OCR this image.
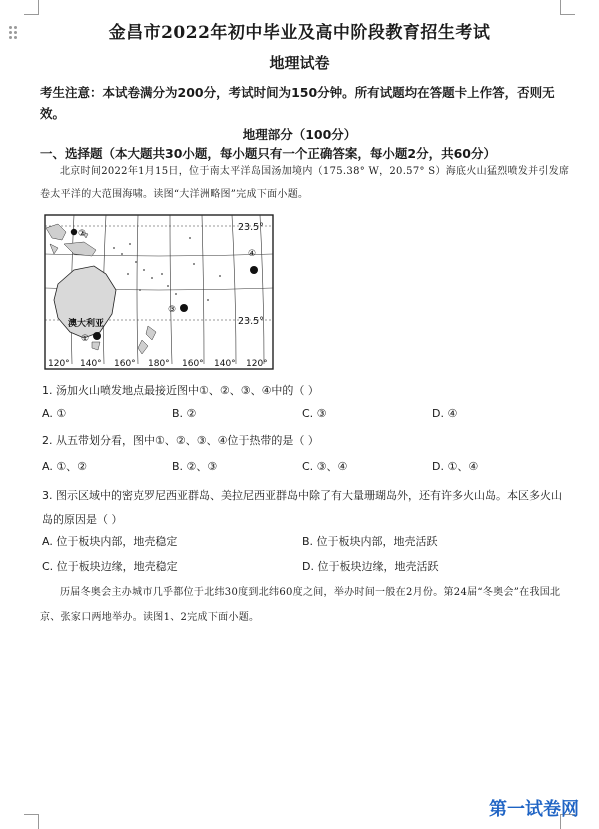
金昌市2022年初中毕业及高中阶段教育招生考试
地理试卷
考生注意：本试卷满分为200分，考试时间为150分钟。所有试题均在答题卡上作答，否则无效。
地理部分（100分）
一、选择题（本大题共30小题，每小题只有一个正确答案，每小题2分，共60分）
北京时间2022年1月15日，位于南太平洋岛国汤加境内（175.38° W，20.57° S）海底火山猛烈喷发并引发席卷太平洋的大范围海啸。读图“大洋洲略图”完成下面小题。
23.5°
23.5°
澳大利亚
①
②
③
④
120° 140° 160° 180° 160° 140° 120°
1. 汤加火山喷发地点最接近图中①、②、③、④中的（ ）
A. ①	B. ②	C. ③	D. ④
2. 从五带划分看，图中①、②、③、④位于热带的是（ ）
A. ①、②	B. ②、③	C. ③、④	D. ①、④
3. 图示区域中的密克罗尼西亚群岛、美拉尼西亚群岛中除了有大量珊瑚岛外，还有许多火山岛。本区多火山岛的原因是（ ）
A. 位于板块内部，地壳稳定	B. 位于板块内部，地壳活跃
C. 位于板块边缘，地壳稳定	D. 位于板块边缘，地壳活跃
历届冬奥会主办城市几乎都位于北纬30度到北纬60度之间，举办时间一般在2月份。第24届“冬奥会”在我国北京、张家口两地举办。读图1、2完成下面小题。
第一试卷网
